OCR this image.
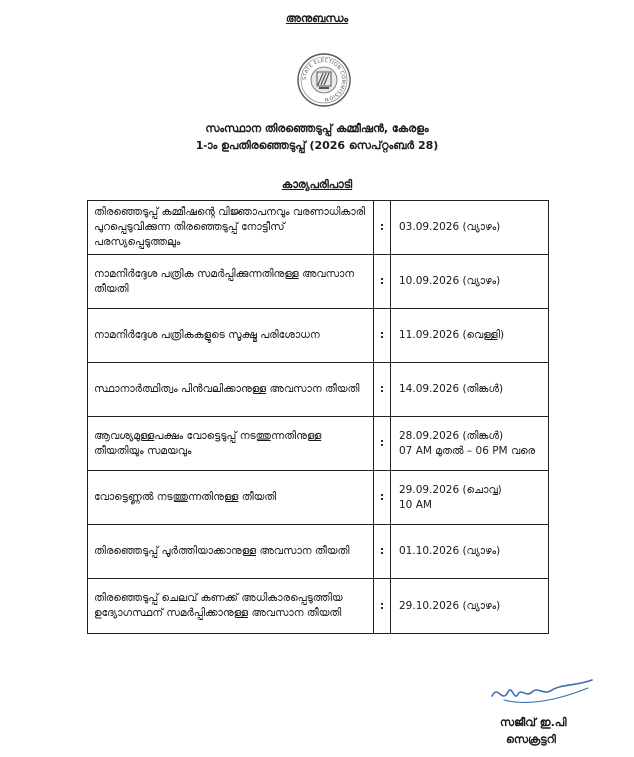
അനുബന്ധം
STATE ELECTION COMMISSION
സംസ്ഥാന തിരഞ്ഞെടുപ്പ് കമ്മീഷൻ, കേരളം
1-ാം ഉപതിരഞ്ഞെടുപ്പ് (2026 സെപ്റ്റംബർ 28)
കാര്യപരിപാടി
തിരഞ്ഞെടുപ്പ് കമ്മീഷന്റെ വിജ്ഞാപനവും വരണാധികാരി പുറപ്പെടുവിക്കുന്ന തിരഞ്ഞെടുപ്പ് നോട്ടീസ് പരസ്യപ്പെടുത്തലും	:	03.09.2026 (വ്യാഴം)

നാമനിർദ്ദേശ പത്രിക സമർപ്പിക്കുന്നതിനുള്ള അവസാന തീയതി	:	10.09.2026 (വ്യാഴം)

നാമനിർദ്ദേശ പത്രികകളുടെ സൂക്ഷ്മ പരിശോധന	:	11.09.2026 (വെള്ളി)

സ്ഥാനാർത്ഥിത്വം പിൻവലിക്കാനുള്ള അവസാന തീയതി	:	14.09.2026 (തിങ്കൾ)

ആവശ്യമുള്ളപക്ഷം വോട്ടെടുപ്പ് നടത്തുന്നതിനുള്ള തീയതിയും സമയവും	:	28.09.2026 (തിങ്കൾ)
07 AM മുതൽ – 06 PM വരെ

വോട്ടെണ്ണൽ നടത്തുന്നതിനുള്ള തീയതി	:	29.09.2026 (ചൊവ്വ)
10 AM

തിരഞ്ഞെടുപ്പ് പൂർത്തിയാക്കാനുള്ള അവസാന തീയതി	:	01.10.2026 (വ്യാഴം)

തിരഞ്ഞെടുപ്പ് ചെലവ് കണക്ക് അധികാരപ്പെടുത്തിയ ഉദ്യോഗസ്ഥന് സമർപ്പിക്കാനുള്ള അവസാന തീയതി	:	29.10.2026 (വ്യാഴം)
സജീവ് ഇ.പി
സെക്രട്ടറി
